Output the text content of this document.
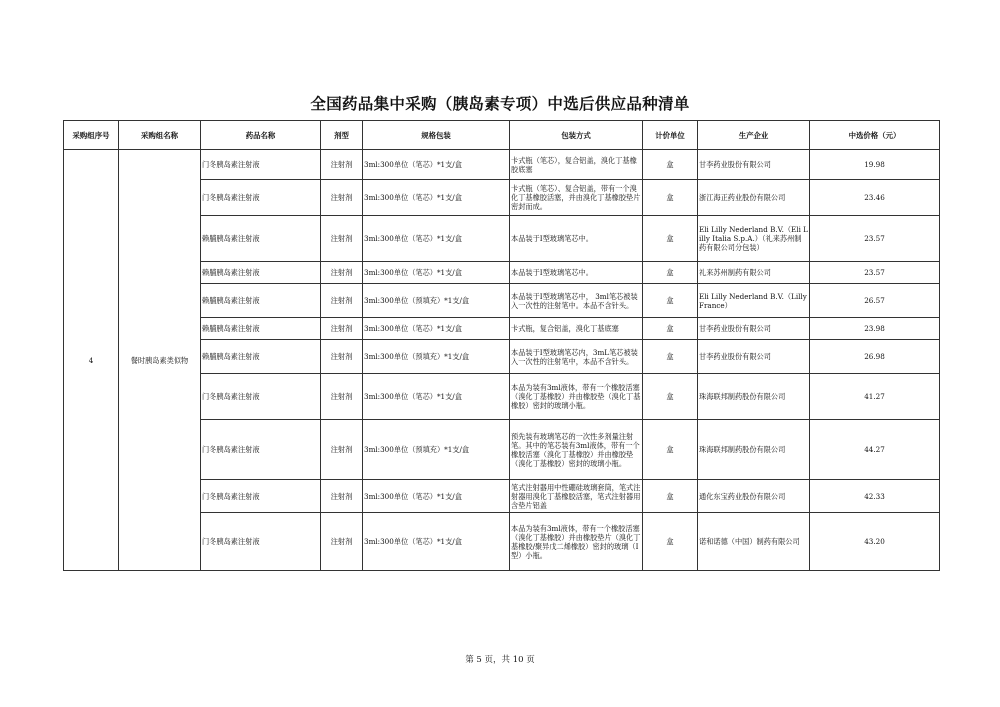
全国药品集中采购（胰岛素专项）中选后供应品种清单
采购组序号	采购组名称	药品名称	剂型	规格包装	包装方式	计价单位	生产企业	中选价格（元）
4	餐时胰岛素类似物	门冬胰岛素注射液	注射剂	3ml:300单位（笔芯）*1支/盒	卡式瓶（笔芯），复合铝盖，溴化丁基橡胶底塞	盒	甘李药业股份有限公司	19.98
		门冬胰岛素注射液	注射剂	3ml:300单位（笔芯）*1支/盒	卡式瓶（笔芯）、复合铝盖，带有一个溴化丁基橡胶活塞，并由溴化丁基橡胶垫片密封而成。	盒	浙江海正药业股份有限公司	23.46
		赖脯胰岛素注射液	注射剂	3ml:300单位（笔芯）*1支/盒	本品装于Ⅰ型玻璃笔芯中。	盒	Eli Lilly Nederland B.V.（Eli Lilly Italia S.p.A.）（礼来苏州制药有限公司分包装）	23.57
		赖脯胰岛素注射液	注射剂	3ml:300单位（笔芯）*1支/盒	本品装于Ⅰ型玻璃笔芯中。	盒	礼来苏州制药有限公司	23.57
		赖脯胰岛素注射液	注射剂	3ml:300单位（预填充）*1支/盒	本品装于Ⅰ型玻璃笔芯中， 3ml笔芯被装入一次性的注射笔中。本品不含针头。	盒	Eli Lilly Nederland B.V.（Lilly France）	26.57
		赖脯胰岛素注射液	注射剂	3ml:300单位（笔芯）*1支/盒	卡式瓶，复合铝盖，溴化丁基底塞	盒	甘李药业股份有限公司	23.98
		赖脯胰岛素注射液	注射剂	3ml:300单位（预填充）*1支/盒	本品装于Ⅰ型玻璃笔芯内，3mL笔芯被装入一次性的注射笔中，本品不含针头。	盒	甘李药业股份有限公司	26.98
		门冬胰岛素注射液	注射剂	3ml:300单位（笔芯）*1支/盒	本品为装有3ml液体，带有一个橡胶活塞（溴化丁基橡胶）并由橡胶垫（溴化丁基橡胶）密封的玻璃小瓶。	盒	珠海联邦制药股份有限公司	41.27
		门冬胰岛素注射液	注射剂	3ml:300单位（预填充）*1支/盒	预先装有玻璃笔芯的一次性多剂量注射笔。其中的笔芯装有3ml液体，带有一个橡胶活塞（溴化丁基橡胶）并由橡胶垫（溴化丁基橡胶）密封的玻璃小瓶。	盒	珠海联邦制药股份有限公司	44.27
		门冬胰岛素注射液	注射剂	3ml:300单位（笔芯）*1支/盒	笔式注射器用中性硼硅玻璃套筒，笔式注射器用溴化丁基橡胶活塞，笔式注射器用含垫片铝盖	盒	通化东宝药业股份有限公司	42.33
		门冬胰岛素注射液	注射剂	3ml:300单位（笔芯）*1支/盒	本品为装有3ml液体，带有一个橡胶活塞（溴化丁基橡胶）并由橡胶垫片（溴化丁基橡胶/聚异戊二烯橡胶）密封的玻璃（Ⅰ型）小瓶。	盒	诺和诺德（中国）制药有限公司	43.20
第 5 页，共 10 页
